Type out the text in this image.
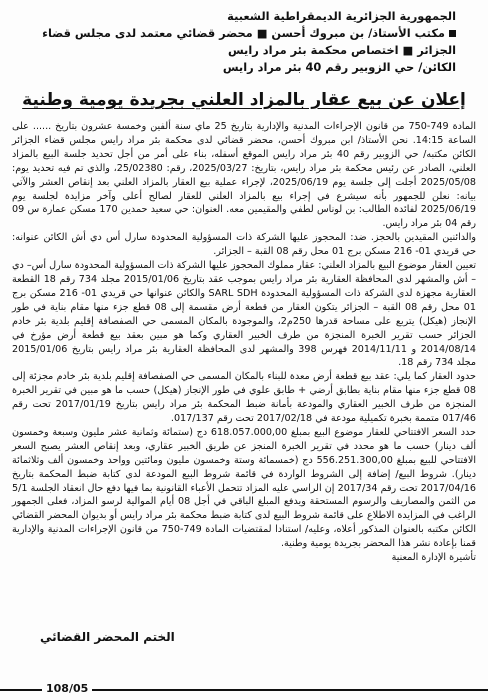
الجمهورية الجزائرية الديمقراطية الشعبية
مكتب الأستاذ/ بن مبروك أحسن ■ محضر قضائي معتمد لدى مجلس قضاء
الجزائر ■ اختصاص محكمة بئر مراد رايس
الكائن/ حي الزوبير رقم 40 بئر مراد رايس
إعلان عن بيع عقار بالمزاد العلني بجريدة يومية وطنية

المادة 749-750 من قانون الإجراءات المدنية والإدارية بتاريخ 25 ماي سنة ألفين وخمسة عشرون بتاريخ ...... على الساعة 14:15. نحن الأستاذ/ ابن مبروك أحسن، محضر قضائي لدى محكمة بئر مراد رايس مجلس قضاء الجزائر الكائن مكتبه/ حي الزوبير رقم 40 بئر مراد رايس الموقع أسفله، بناء على أمر من أجل تحديد جلسة البيع بالمزاد العلني، الصادر عن رئيس محكمة بئر مراد رايس، بتاريخ: 2025/03/27، رقم: 25/02380، والذي تم فيه تحديد يوم: 2025/05/08 أجلت إلى جلسة يوم 2025/06/19، لإجراء عملية بيع العقار بالمزاد العلني بعد إنقاص العشر والآتي بيانه: نعلن للجمهور بأنه سيشرع في إجراء بيع بالمزاد العلني للعقار لصالح أعلى وآخر مزايدة لجلسة يوم 2025/06/19 لفائدة الطالب: بن لوناس لطفي والمقيمين معه. العنوان: حي سعيد حمدين 170 مسكن عمارة س 09 رقم 04 بئر مراد رايس.

والدائنين المقيدين بالحجز. ضد: المحجوز عليها الشركة ذات المسؤولية المحدودة سارل أس دي أش الكائن عنوانه: حي قريدي 01- 216 مسكن برج 01 محل رقم 08 القبة – الجزائر.

تعيين العقار موضوع البيع بالمزاد العلني: عقار مملوك المحجوز عليها الشركة ذات المسؤولية المحدودة سارل أس– دي – أش والمشهر لدى المحافظة العقارية بئر مراد رايس بموجب عقد بتاريخ 2015/01/06 مجلد 734 رقم 18 القطعة العقارية مجهزة لدى الشركة ذات المسؤولية المحدودة SARL SDH والكائن عنوانها حي قريدي 01- 216 مسكن برج 01 محل رقم 08 القبة – الجزائر يتكون العقار من قطعة أرض مقسمة إلى 08 قطع جزء منها مقام بناية في طور الإنجاز (هيكل) يتربع على مساحة قدرها 250م2، والموجودة بالمكان المسمى حي الصفصافة إقليم بلدية بئر خادم الجزائر حسب تقرير الخبرة المنجزة من طرف الخبير العقاري وكما هو مبين بعقد بيع قطعة أرض مؤرخ في 2014/08/14 و 2014/11/11 فهرس 398 والمشهر لدى المحافظة العقارية بئر مراد رايس بتاريخ 2015/01/06 مجلد 734 رقم 18.

حدود العقار كما يلي: عقد بيع قطعة أرض معدة للبناء بالمكان المسمى حي الصفصافة إقليم بلدية بئر خادم مجزئة إلى 08 قطع جزء منها مقام بناية بطابق أرضي + طابق علوي في طور الإنجاز (هيكل) حسب ما هو مبين في تقرير الخبرة المنجزة من طرف الخبير العقاري والمودعة بأمانة ضبط المحكمة بئر مراد رايس بتاريخ 2017/01/19 تحت رقم 017/46 متممة بخبرة تكميلية مودعة في 2017/02/18 تحت رقم 017/137.

حدد السعر الافتتاحي للعقار موضوع البيع بمبلغ 618.057.000,00 دج (ستمائة وثمانية عشر مليون وسبعة وخمسون ألف دينار) حسب ما هو محدد في تقرير الخبرة المنجز عن طريق الخبير عقاري، وبعد إنقاص العشر يصبح السعر الافتتاحي للبيع بمبلغ 556.251.300,00 دج (خمسمائة وستة وخمسون مليون ومائتين وواحد وخمسون ألف وثلاثمائة دينار). شروط البيع/ إضافة إلى الشروط الواردة في قائمة شروط البيع المودعة لدى كتابة ضبط المحكمة بتاريخ 2017/04/16 تحت رقم 2017/34 إن الراسي عليه المزاد تتحمل الأعباء القانونية بما فيها دفع حال انعقاد الجلسة 5/1 من الثمن والمصاريف والرسوم المستحقة ويدفع المبلغ الباقي في أجل 08 أيام الموالية لرسو المزاد، فعلى الجمهور الراغب في المزايدة الاطلاع على قائمة شروط البيع لدى كتابة ضبط محكمة بئر مراد رايس أو بديوان المحضر القضائي الكائن مكتبه بالعنوان المذكور أعلاه، وعليه/ استنادا لمقتضيات المادة 749-750 من قانون الإجراءات المدنية والإدارية قمنا بإعادة نشر هذا المحضر بجريدة يومية وطنية.

تأشيرة الإدارة المعنية
الختم المحضر القضائي
108/05
